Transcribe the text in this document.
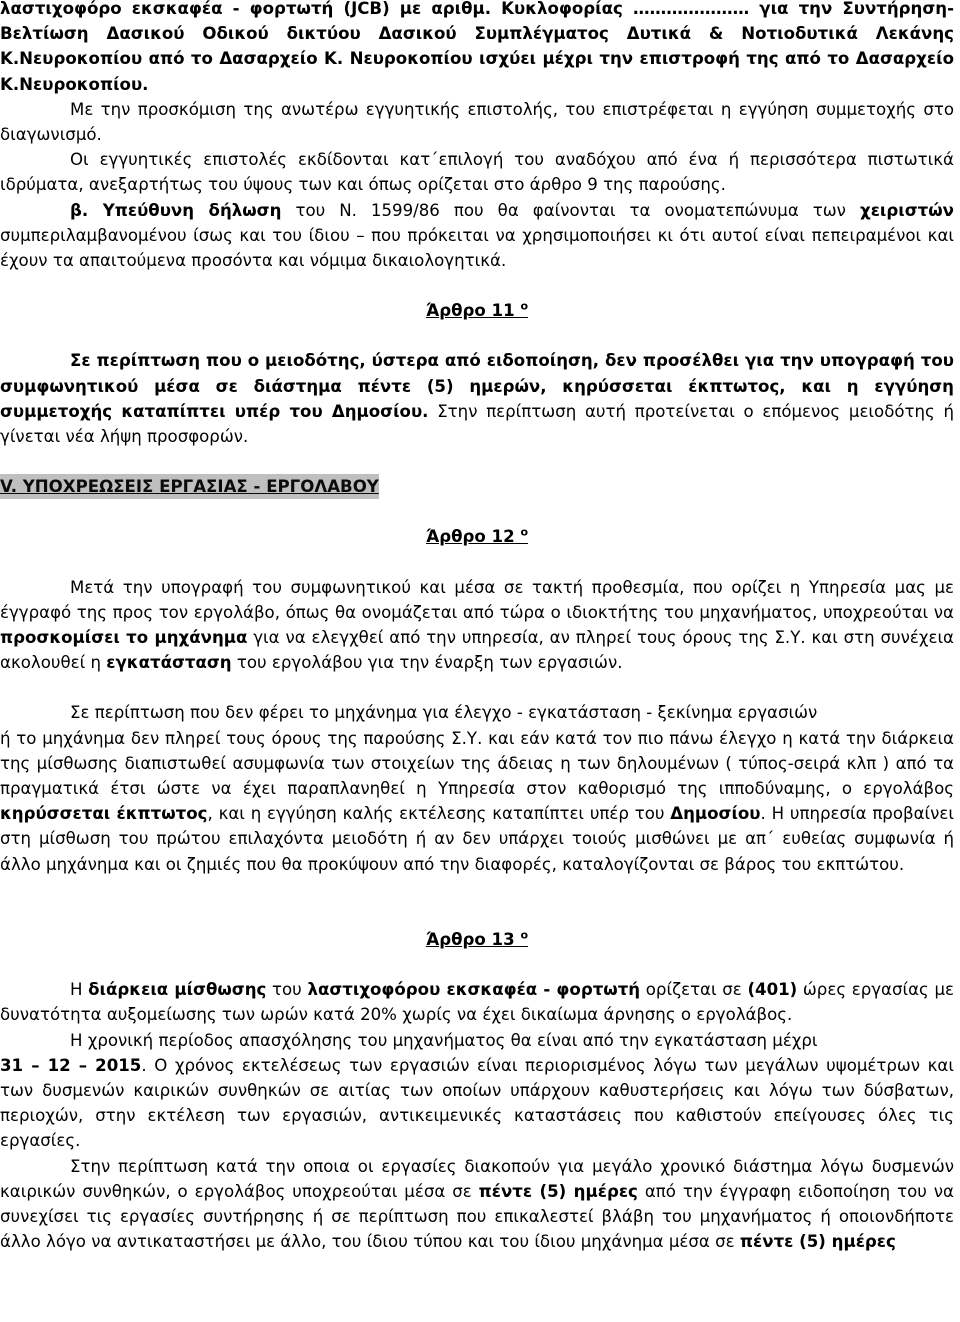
λαστιχοφόρο εκσκαφέα - φορτωτή (JCB) με αριθμ. Κυκλοφορίας ………………… για την Συντήρηση-Βελτίωση Δασικού Οδικού δικτύου Δασικού Συμπλέγματος Δυτικά & Νοτιοδυτικά Λεκάνης Κ.Νευροκοπίου από το Δασαρχείο Κ. Νευροκοπίου ισχύει μέχρι την επιστροφή της από το Δασαρχείο Κ.Νευροκοπίου.

Με την προσκόμιση της ανωτέρω εγγυητικής επιστολής, του επιστρέφεται η εγγύηση συμμετοχής στο διαγωνισμό.

Οι εγγυητικές επιστολές εκδίδονται κατ΄επιλογή του αναδόχου από ένα ή περισσότερα πιστωτικά ιδρύματα, ανεξαρτήτως του ύψους των και όπως ορίζεται στο άρθρο 9 της παρούσης.

β. Υπεύθυνη δήλωση του Ν. 1599/86 που θα φαίνονται τα ονοματεπώνυμα των χειριστών συμπεριλαμβανομένου ίσως και του ίδιου – που πρόκειται να χρησιμοποιήσει κι ότι αυτοί είναι πεπειραμένοι και έχουν τα απαιτούμενα προσόντα και νόμιμα δικαιολογητικά.

Άρθρο 11 $^o$

Σε περίπτωση που ο μειοδότης, ύστερα από ειδοποίηση, δεν προσέλθει για την υπογραφή του συμφωνητικού μέσα σε διάστημα πέντε (5) ημερών, κηρύσσεται έκπτωτος, και η εγγύηση συμμετοχής καταπίπτει υπέρ του Δημοσίου. Στην περίπτωση αυτή προτείνεται ο επόμενος μειοδότης ή γίνεται νέα λήψη προσφορών.

V. ΥΠΟΧΡΕΩΣΕΙΣ ΕΡΓΑΣΙΑΣ - ΕΡΓΟΛΑΒΟΥ

Άρθρο 12 $^o$

Μετά την υπογραφή του συμφωνητικού και μέσα σε τακτή προθεσμία, που ορίζει η Υπηρεσία μας με έγγραφό της προς τον εργολάβο, όπως θα ονομάζεται από τώρα ο ιδιοκτήτης του μηχανήματος, υποχρεούται να προσκομίσει το μηχάνημα για να ελεγχθεί από την υπηρεσία, αν πληρεί τους όρους της Σ.Υ. και στη συνέχεια ακολουθεί η εγκατάσταση του εργολάβου για την έναρξη των εργασιών.

Σε περίπτωση που δεν φέρει το μηχάνημα για έλεγχο - εγκατάσταση - ξεκίνημα εργασιών

ή το μηχάνημα δεν πληρεί τους όρους της παρούσης Σ.Υ. και εάν κατά τον πιο πάνω έλεγχο η κατά την διάρκεια της μίσθωσης διαπιστωθεί ασυμφωνία των στοιχείων της άδειας η των δηλουμένων ( τύπος-σειρά κλπ ) από τα πραγματικά έτσι ώστε να έχει παραπλανηθεί η Υπηρεσία στον καθορισμό της ιπποδύναμης, ο εργολάβος κηρύσσεται έκπτωτος, και η εγγύηση καλής εκτέλεσης καταπίπτει υπέρ του Δημοσίου. Η υπηρεσία προβαίνει στη μίσθωση του πρώτου επιλαχόντα μειοδότη ή αν δεν υπάρχει τοιούς μισθώνει με απ΄ ευθείας συμφωνία ή άλλο μηχάνημα και οι ζημιές που θα προκύψουν από την διαφορές, καταλογίζονται σε βάρος του εκπτώτου.

Άρθρο 13 $^o$

Η διάρκεια μίσθωσης του λαστιχοφόρου εκσκαφέα - φορτωτή ορίζεται σε (401) ώρες εργασίας με δυνατότητα αυξομείωσης των ωρών κατά 20% χωρίς να έχει δικαίωμα άρνησης ο εργολάβος.

Η χρονική περίοδος απασχόλησης του μηχανήματος θα είναι από την εγκατάσταση μέχρι

31 – 12 – 2015. Ο χρόνος εκτελέσεως των εργασιών είναι περιορισμένος λόγω των μεγάλων υψομέτρων και των δυσμενών καιρικών συνθηκών σε αιτίας των οποίων υπάρχουν καθυστερήσεις και λόγω των δύσβατων, περιοχών, στην εκτέλεση των εργασιών, αντικειμενικές καταστάσεις που καθιστούν επείγουσες όλες τις εργασίες.

Στην περίπτωση κατά την οποια οι εργασίες διακοπούν για μεγάλο χρονικό διάστημα λόγω δυσμενών καιρικών συνθηκών, ο εργολάβος υποχρεούται μέσα σε πέντε (5) ημέρες από την έγγραφη ειδοποίηση του να συνεχίσει τις εργασίες συντήρησης ή σε περίπτωση που επικαλεστεί βλάβη του μηχανήματος ή οποιονδήποτε άλλο λόγο να αντικαταστήσει με άλλο, του ίδιου τύπου και του ίδιου μηχάνημα μέσα σε πέντε (5) ημέρες
